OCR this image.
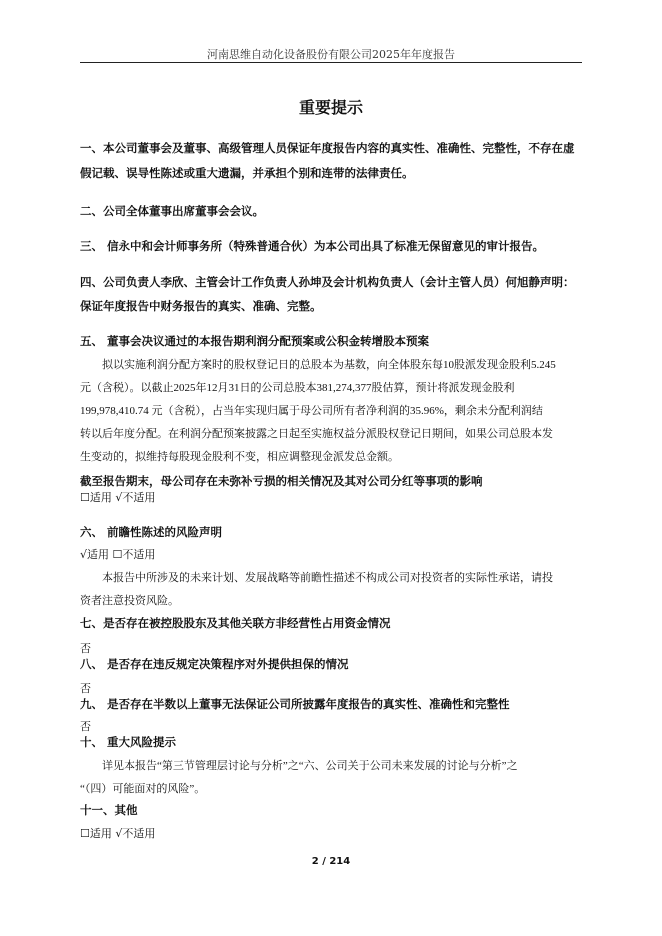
河南思维自动化设备股份有限公司2025年年度报告
重要提示
一、本公司董事会及董事、高级管理人员保证年度报告内容的真实性、准确性、完整性，不存在虚
假记载、误导性陈述或重大遗漏，并承担个别和连带的法律责任。
二、公司全体董事出席董事会会议。
三、 信永中和会计师事务所（特殊普通合伙）为本公司出具了标准无保留意见的审计报告。
四、公司负责人李欣、主管会计工作负责人孙坤及会计机构负责人（会计主管人员）何旭静声明：
保证年度报告中财务报告的真实、准确、完整。
五、 董事会决议通过的本报告期利润分配预案或公积金转增股本预案
拟以实施利润分配方案时的股权登记日的总股本为基数，向全体股东每10股派发现金股利5.245
元（含税）。以截止2025年12月31日的公司总股本381,274,377股估算，预计将派发现金股利
199,978,410.74 元（含税），占当年实现归属于母公司所有者净利润的35.96%，剩余未分配利润结
转以后年度分配。在利润分配预案披露之日起至实施权益分派股权登记日期间，如果公司总股本发
生变动的，拟维持每股现金股利不变，相应调整现金派发总金额。
截至报告期末，母公司存在未弥补亏损的相关情况及其对公司分红等事项的影响
☐适用 √不适用
六、 前瞻性陈述的风险声明
√适用 ☐不适用
本报告中所涉及的未来计划、发展战略等前瞻性描述不构成公司对投资者的实际性承诺，请投
资者注意投资风险。
七、是否存在被控股股东及其他关联方非经营性占用资金情况
否
八、 是否存在违反规定决策程序对外提供担保的情况
否
九、 是否存在半数以上董事无法保证公司所披露年度报告的真实性、准确性和完整性
否
十、 重大风险提示
详见本报告“第三节管理层讨论与分析”之“六、公司关于公司未来发展的讨论与分析”之
“（四）可能面对的风险”。
十一、其他
☐适用 √不适用
2 / 214
